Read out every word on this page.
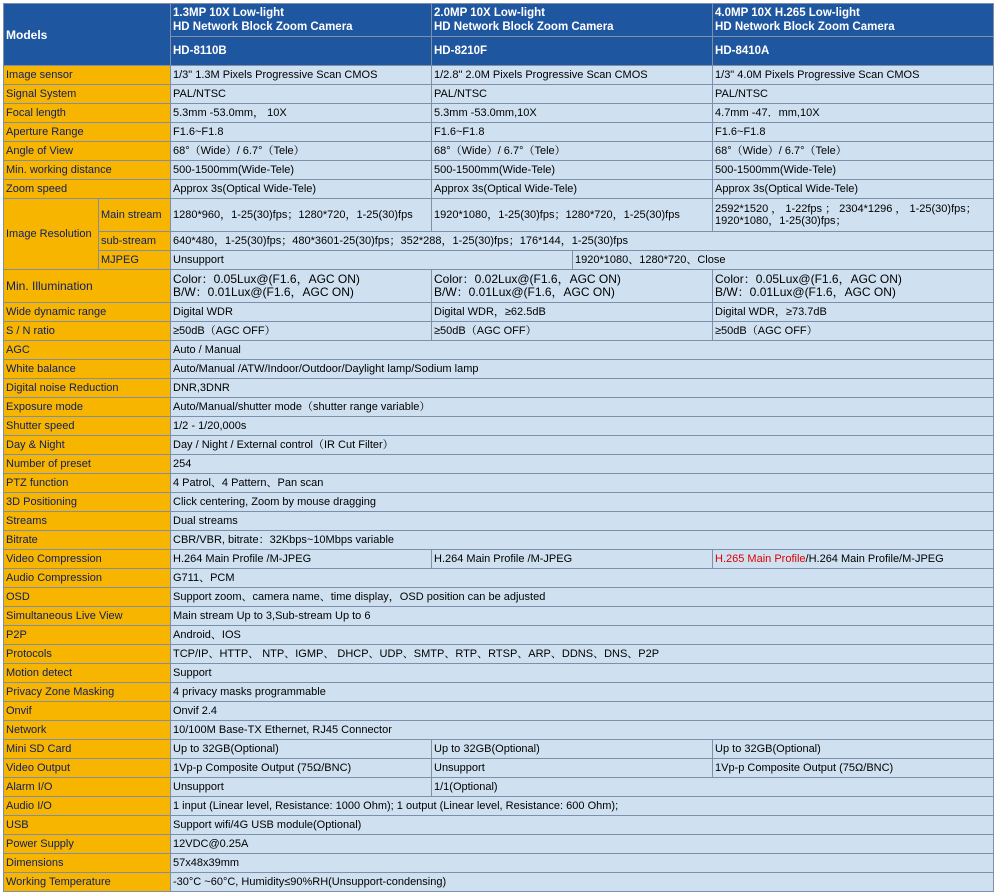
Models		1.3MP 10X Low-light
HD Network Block Zoom Camera	2.0MP 10X Low-light
HD Network Block Zoom Camera		4.0MP 10X H.265 Low-light
HD Network Block Zoom Camera

		HD-8110B	HD-8210F		HD-8410A
Image sensor		1/3" 1.3M Pixels Progressive Scan CMOS	1/2.8" 2.0M Pixels Progressive Scan CMOS		1/3" 4.0M Pixels Progressive Scan CMOS
Signal System		PAL/NTSC	PAL/NTSC		PAL/NTSC
Focal length		5.3mm -53.0mm， 10X	5.3mm -53.0mm,10X		4.7mm -47．mm,10X
Aperture Range		F1.6~F1.8	F1.6~F1.8		F1.6~F1.8
Angle of View		68°（Wide）/ 6.7°（Tele）	68°（Wide）/ 6.7°（Tele）		68°（Wide）/ 6.7°（Tele）
Min. working distance		500-1500mm(Wide-Tele)	500-1500mm(Wide-Tele)		500-1500mm(Wide-Tele)
Zoom speed		Approx 3s(Optical Wide-Tele)	Approx 3s(Optical Wide-Tele)		Approx 3s(Optical Wide-Tele)
Image Resolution	Main stream	1280*960，1-25(30)fps；1280*720，1-25(30)fps	1920*1080，1-25(30)fps；1280*720，1-25(30)fps		2592*1520 ， 1-22fps ； 2304*1296 ， 1-25(30)fps；
1920*1080，1-25(30)fps；

	sub-stream	640*480，1-25(30)fps；480*3601-25(30)fps；352*288，1-25(30)fps；176*144，1-25(30)fps			
	MJPEG	Unsupport		1920*1080、1280*720、Close	
Min. Illumination		Color：0.05Lux@(F1.6，AGC ON)
B/W：0.01Lux@(F1.6，AGC ON)	Color：0.02Lux@(F1.6，AGC ON)
B/W：0.01Lux@(F1.6，AGC ON)		Color：0.05Lux@(F1.6，AGC ON)
B/W：0.01Lux@(F1.6，AGC ON)

Wide dynamic range		Digital WDR	Digital WDR，≥62.5dB		Digital WDR，≥73.7dB
S / N ratio		≥50dB（AGC OFF）	≥50dB（AGC OFF）		≥50dB（AGC OFF）
AGC		Auto / Manual			
White balance		Auto/Manual /ATW/Indoor/Outdoor/Daylight lamp/Sodium lamp			
Digital noise Reduction		DNR,3DNR			
Exposure mode		Auto/Manual/shutter mode（shutter range variable）			
Shutter speed		1/2 - 1/20,000s			
Day & Night		Day / Night / External control（IR Cut Filter）			
Number of preset		254			
PTZ function		4 Patrol、4 Pattern、Pan scan			
3D Positioning		Click centering, Zoom by mouse dragging			
Streams		Dual streams			
Bitrate		CBR/VBR, bitrate：32Kbps~10Mbps variable			
Video Compression		H.264 Main Profile /M-JPEG	H.264 Main Profile /M-JPEG		H.265 Main Profile/H.264 Main Profile/M-JPEG
Audio Compression		G711、PCM			
OSD		Support zoom、camera name、time display，OSD position can be adjusted			
Simultaneous Live View		Main stream Up to 3,Sub-stream Up to 6			
P2P		Android、IOS			
Protocols		TCP/IP、HTTP、 NTP、IGMP、 DHCP、UDP、SMTP、RTP、RTSP、ARP、DDNS、DNS、P2P			
Motion detect		Support			
Privacy Zone Masking		4 privacy masks programmable			
Onvif		Onvif 2.4			
Network		10/100M Base-TX Ethernet, RJ45 Connector			
Mini SD Card		Up to 32GB(Optional)	Up to 32GB(Optional)		Up to 32GB(Optional)
Video Output		1Vp-p Composite Output (75Ω/BNC)	Unsupport		1Vp-p Composite Output (75Ω/BNC)
Alarm I/O		Unsupport	1/1(Optional)		
Audio I/O		1 input (Linear level, Resistance: 1000 Ohm); 1 output (Linear level, Resistance: 600 Ohm);			
USB		Support wifi/4G USB module(Optional)			
Power Supply		12VDC@0.25A			
Dimensions		57x48x39mm			
Working Temperature		-30°C ~60°C, Humidity≤90%RH(Unsupport-condensing)			
